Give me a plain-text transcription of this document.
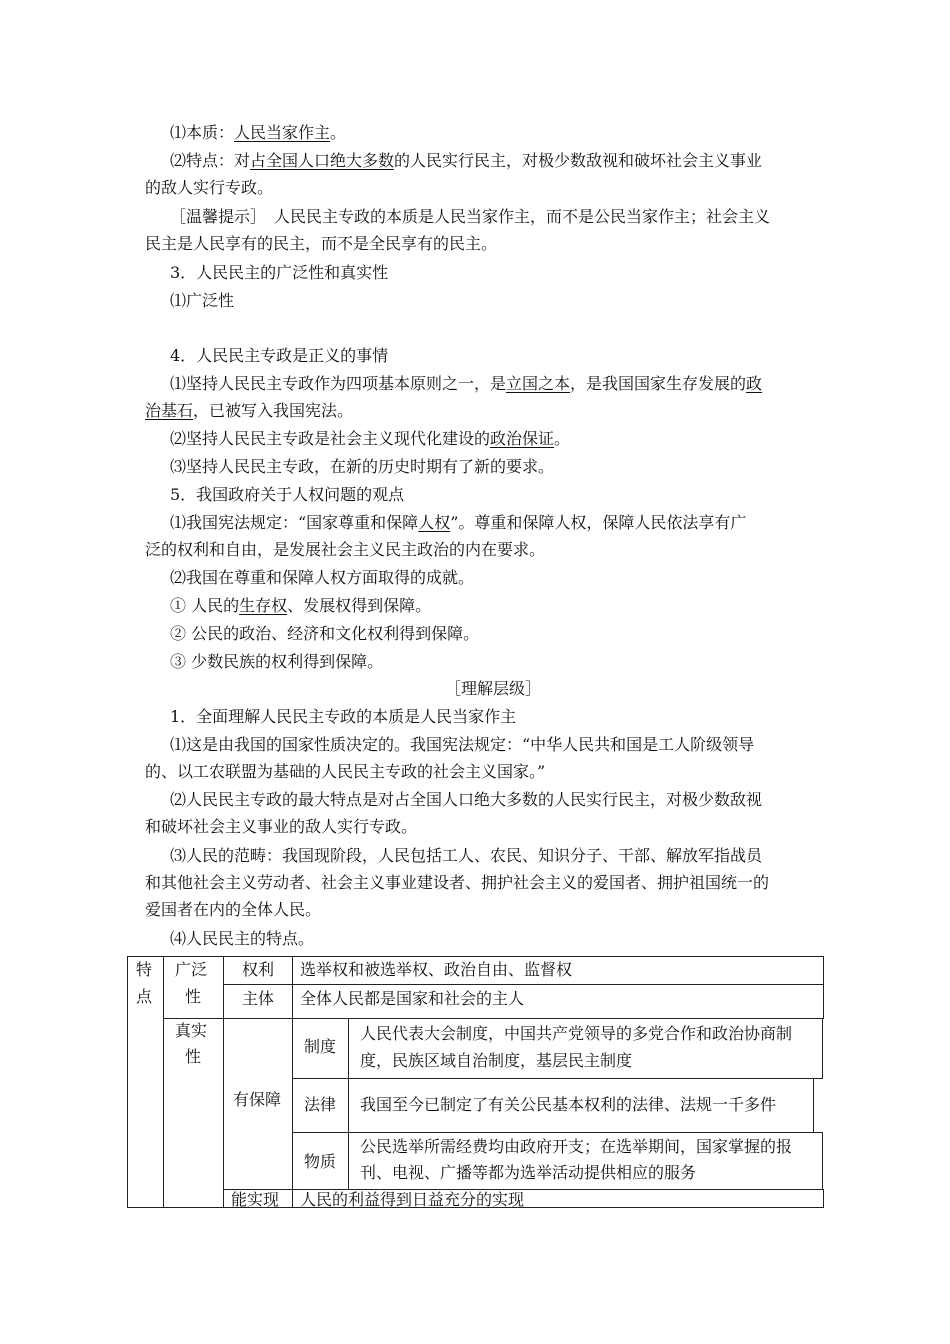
⑴本质：人民当家作主。
⑵特点：对占全国人口绝大多数的人民实行民主，对极少数敌视和破坏社会主义事业
的敌人实行专政。
［温馨提示］　人民民主专政的本质是人民当家作主，而不是公民当家作主；社会主义
民主是人民享有的民主，而不是全民享有的民主。
3．人民民主的广泛性和真实性
⑴广泛性
4．人民民主专政是正义的事情
⑴坚持人民民主专政作为四项基本原则之一，是立国之本，是我国国家生存发展的政
治基石，已被写入我国宪法。
⑵坚持人民民主专政是社会主义现代化建设的政治保证。
⑶坚持人民民主专政，在新的历史时期有了新的要求。
5．我国政府关于人权问题的观点
⑴我国宪法规定：“国家尊重和保障人权”。尊重和保障人权，保障人民依法享有广
泛的权利和自由，是发展社会主义民主政治的内在要求。
⑵我国在尊重和保障人权方面取得的成就。
① 人民的生存权、发展权得到保障。
② 公民的政治、经济和文化权利得到保障。
③ 少数民族的权利得到保障。
［理解层级］
1．全面理解人民民主专政的本质是人民当家作主
⑴这是由我国的国家性质决定的。我国宪法规定：“中华人民共和国是工人阶级领导
的、以工农联盟为基础的人民民主专政的社会主义国家。”
⑵人民民主专政的最大特点是对占全国人口绝大多数的人民实行民主，对极少数敌视
和破坏社会主义事业的敌人实行专政。
⑶人民的范畴：我国现阶段，人民包括工人、农民、知识分子、干部、解放军指战员
和其他社会主义劳动者、社会主义事业建设者、拥护社会主义的爱国者、拥护祖国统一的
爱国者在内的全体人民。
⑷人民民主的特点。
特
点
广泛
性
权利 选举权和被选举权、政治自由、监督权
主体 全体人民都是国家和社会的主人
真实
性
有保障
制度
人民代表大会制度，中国共产党领导的多党合作和政治协商制
度，民族区域自治制度，基层民主制度
法律 我国至今已制定了有关公民基本权利的法律、法规一千多件
物质
公民选举所需经费均由政府开支；在选举期间，国家掌握的报
刊、电视、广播等都为选举活动提供相应的服务
能实现 人民的利益得到日益充分的实现
